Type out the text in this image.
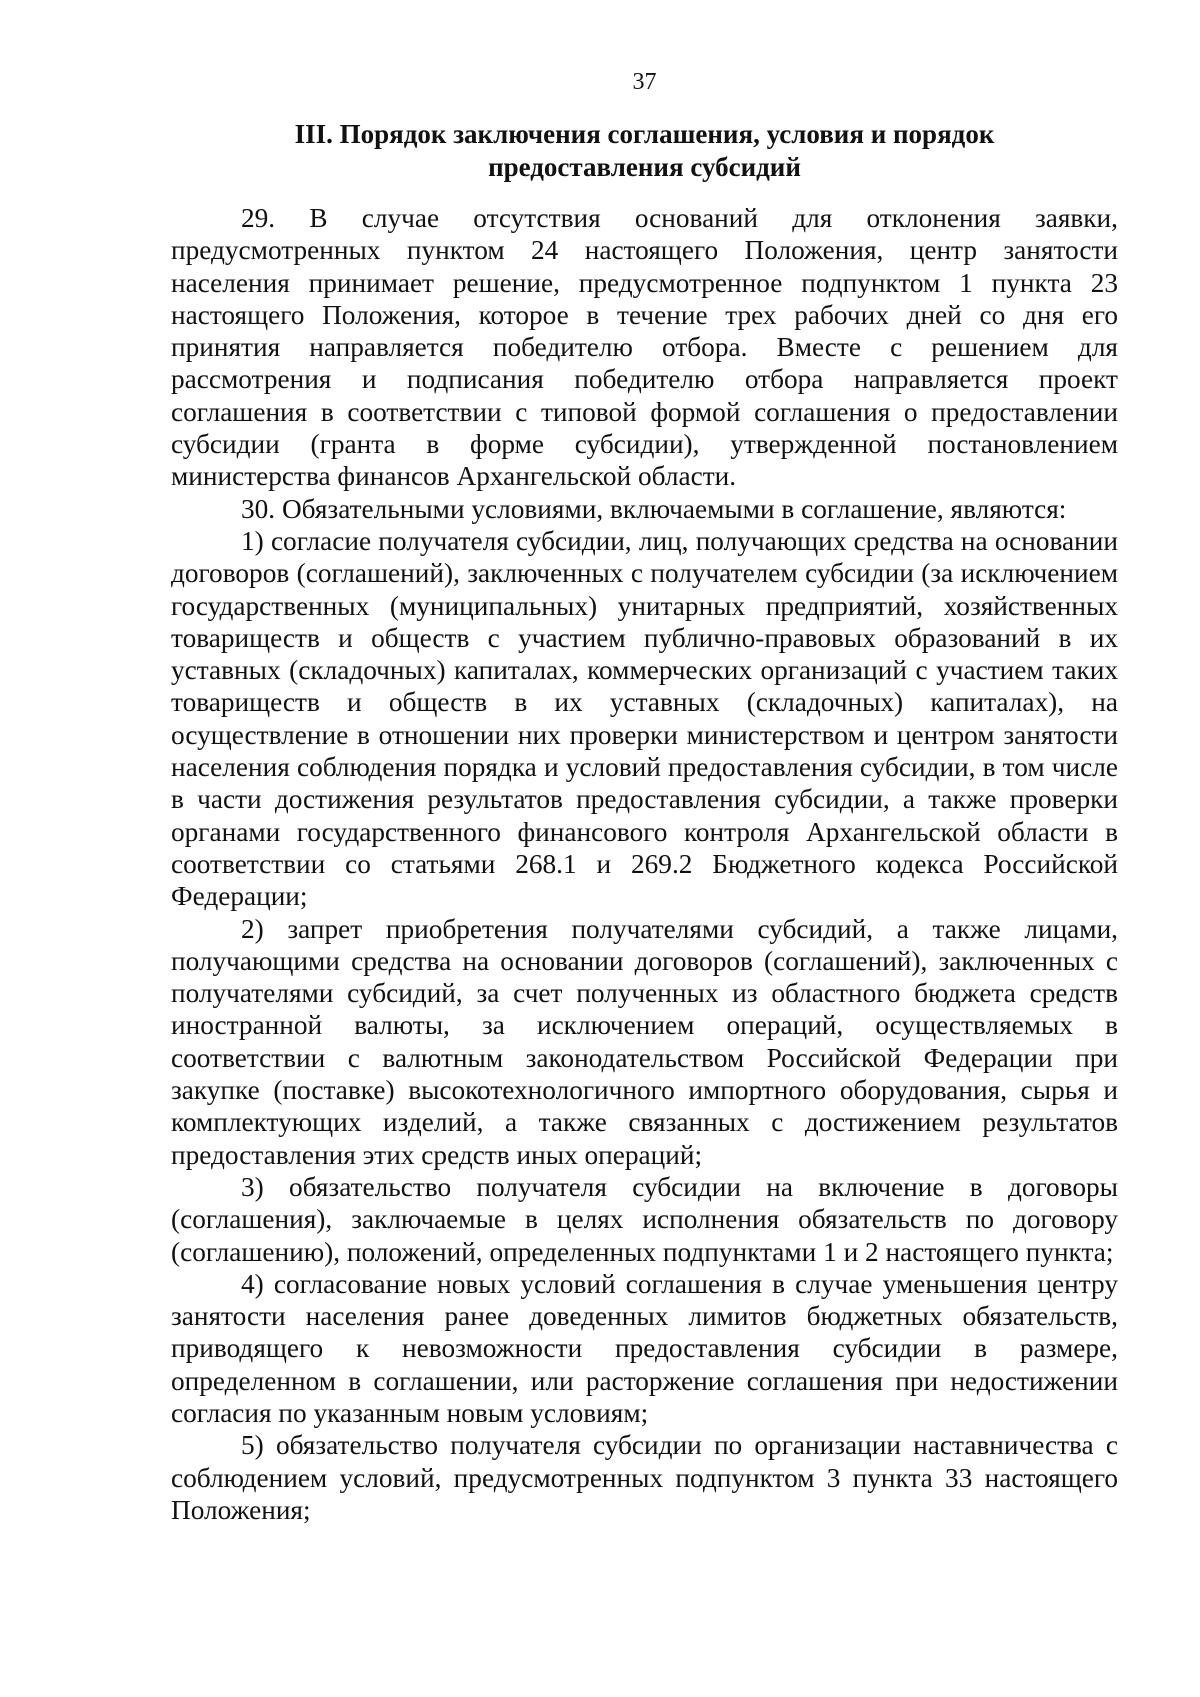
37
III. Порядок заключения соглашения, условия и порядок
предоставления субсидий

29. В случае отсутствия оснований для отклонения заявки, предусмотренных пунктом 24 настоящего Положения, центр занятости населения принимает решение, предусмотренное подпунктом 1 пункта 23 настоящего Положения, которое в течение трех рабочих дней со дня его принятия направляется победителю отбора. Вместе с решением для рассмотрения и подписания победителю отбора направляется проект соглашения в соответствии с типовой формой соглашения о предоставлении субсидии (гранта в форме субсидии), утвержденной постановлением министерства финансов Архангельской области.

30. Обязательными условиями, включаемыми в соглашение, являются:

1) согласие получателя субсидии, лиц, получающих средства на основании договоров (соглашений), заключенных с получателем субсидии (за исключением государственных (муниципальных) унитарных предприятий, хозяйственных товариществ и обществ с участием публично-правовых образований в их уставных (складочных) капиталах, коммерческих организаций с участием таких товариществ и обществ в их уставных (складочных) капиталах), на осуществление в отношении них проверки министерством и центром занятости населения соблюдения порядка и условий предоставления субсидии, в том числе в части достижения результатов предоставления субсидии, а также проверки органами государственного финансового контроля Архангельской области в соответствии со статьями 268.1 и 269.2 Бюджетного кодекса Российской Федерации;

2) запрет приобретения получателями субсидий, а также лицами, получающими средства на основании договоров (соглашений), заключенных с получателями субсидий, за счет полученных из областного бюджета средств иностранной валюты, за исключением операций, осуществляемых в соответствии с валютным законодательством Российской Федерации при закупке (поставке) высокотехнологичного импортного оборудования, сырья и комплектующих изделий, а также связанных с достижением результатов предоставления этих средств иных операций;

3) обязательство получателя субсидии на включение в договоры (соглашения), заключаемые в целях исполнения обязательств по договору (соглашению), положений, определенных подпунктами 1 и 2 настоящего пункта;

4) согласование новых условий соглашения в случае уменьшения центру занятости населения ранее доведенных лимитов бюджетных обязательств, приводящего к невозможности предоставления субсидии в размере, определенном в соглашении, или расторжение соглашения при недостижении согласия по указанным новым условиям;

5) обязательство получателя субсидии по организации наставничества с соблюдением условий, предусмотренных подпунктом 3 пункта 33 настоящего Положения;
